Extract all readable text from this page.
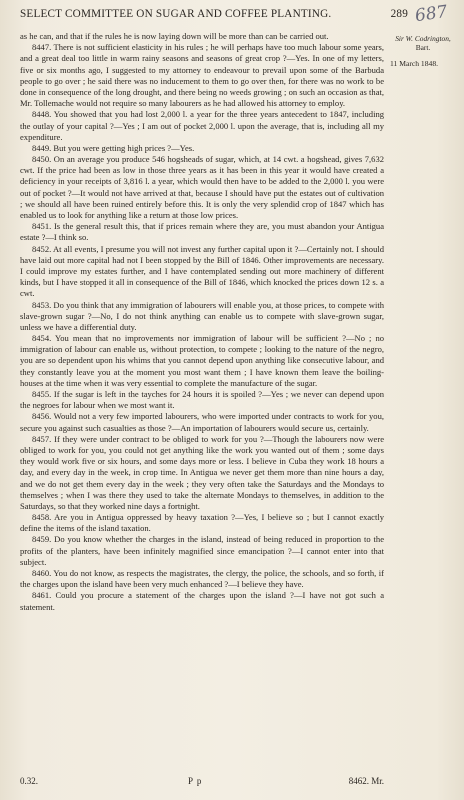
SELECT COMMITTEE ON SUGAR AND COFFEE PLANTING.	289 687
Sir W. Codrington,
Bart.
11 March 1848.

as he can, and that if the rules he is now laying down will be more than can be carried out.

8447. There is not sufficient elasticity in his rules ; he will perhaps have too much labour some years, and a great deal too little in warm rainy seasons and seasons of great crop ?—Yes. In one of my letters, five or six months ago, I suggested to my attorney to endeavour to prevail upon some of the Barbuda people to go over ; he said there was no inducement to them to go over then, for there was no work to be done in consequence of the long drought, and there being no weeds growing ; on such an occasion as that, Mr. Tollemache would not require so many labourers as he had allowed his attorney to employ.

8448. You showed that you had lost 2,000 l. a year for the three years antecedent to 1847, including the outlay of your capital ?—Yes ; I am out of pocket 2,000 l. upon the average, that is, including all my expenditure.

8449. But you were getting high prices ?—Yes.

8450. On an average you produce 546 hogsheads of sugar, which, at 14 cwt. a hogshead, gives 7,632 cwt. If the price had been as low in those three years as it has been in this year it would have created a deficiency in your receipts of 3,816 l. a year, which would then have to be added to the 2,000 l. you were out of pocket ?—It would not have arrived at that, because I should have put the estates out of cultivation ; we should all have been ruined entirely before this. It is only the very splendid crop of 1847 which has enabled us to look for anything like a return at those low prices.

8451. Is the general result this, that if prices remain where they are, you must abandon your Antigua estate ?—I think so.

8452. At all events, I presume you will not invest any further capital upon it ?—Certainly not. I should have laid out more capital had not I been stopped by the Bill of 1846. Other improvements are necessary. I could improve my estates further, and I have contemplated sending out more machinery of different kinds, but I have stopped it all in consequence of the Bill of 1846, which knocked the prices down 12 s. a cwt.

8453. Do you think that any immigration of labourers will enable you, at those prices, to compete with slave-grown sugar ?—No, I do not think anything can enable us to compete with slave-grown sugar, unless we have a differential duty.

8454. You mean that no improvements nor immigration of labour will be sufficient ?—No ; no immigration of labour can enable us, without protection, to compete ; looking to the nature of the negro, you are so dependent upon his whims that you cannot depend upon anything like consecutive labour, and they constantly leave you at the moment you most want them ; I have known them leave the boiling-houses at the time when it was very essential to complete the manufacture of the sugar.

8455. If the sugar is left in the tayches for 24 hours it is spoiled ?—Yes ; we never can depend upon the negroes for labour when we most want it.

8456. Would not a very few imported labourers, who were imported under contracts to work for you, secure you against such casualties as those ?—An importation of labourers would secure us, certainly.

8457. If they were under contract to be obliged to work for you ?—Though the labourers now were obliged to work for you, you could not get anything like the work you wanted out of them ; some days they would work five or six hours, and some days more or less. I believe in Cuba they work 18 hours a day, and every day in the week, in crop time. In Antigua we never get them more than nine hours a day, and we do not get them every day in the week ; they very often take the Saturdays and the Mondays to themselves ; when I was there they used to take the alternate Mondays to themselves, in addition to the Saturdays, so that they worked nine days a fortnight.

8458. Are you in Antigua oppressed by heavy taxation ?—Yes, I believe so ; but I cannot exactly define the items of the island taxation.

8459. Do you know whether the charges in the island, instead of being reduced in proportion to the profits of the planters, have been infinitely magnified since emancipation ?—I cannot enter into that subject.

8460. You do not know, as respects the magistrates, the clergy, the police, the schools, and so forth, if the charges upon the island have been very much enhanced ?—I believe they have.

8461. Could you procure a statement of the charges upon the island ?—I have not got such a statement.

0.32.	P p	8462. Mr.
